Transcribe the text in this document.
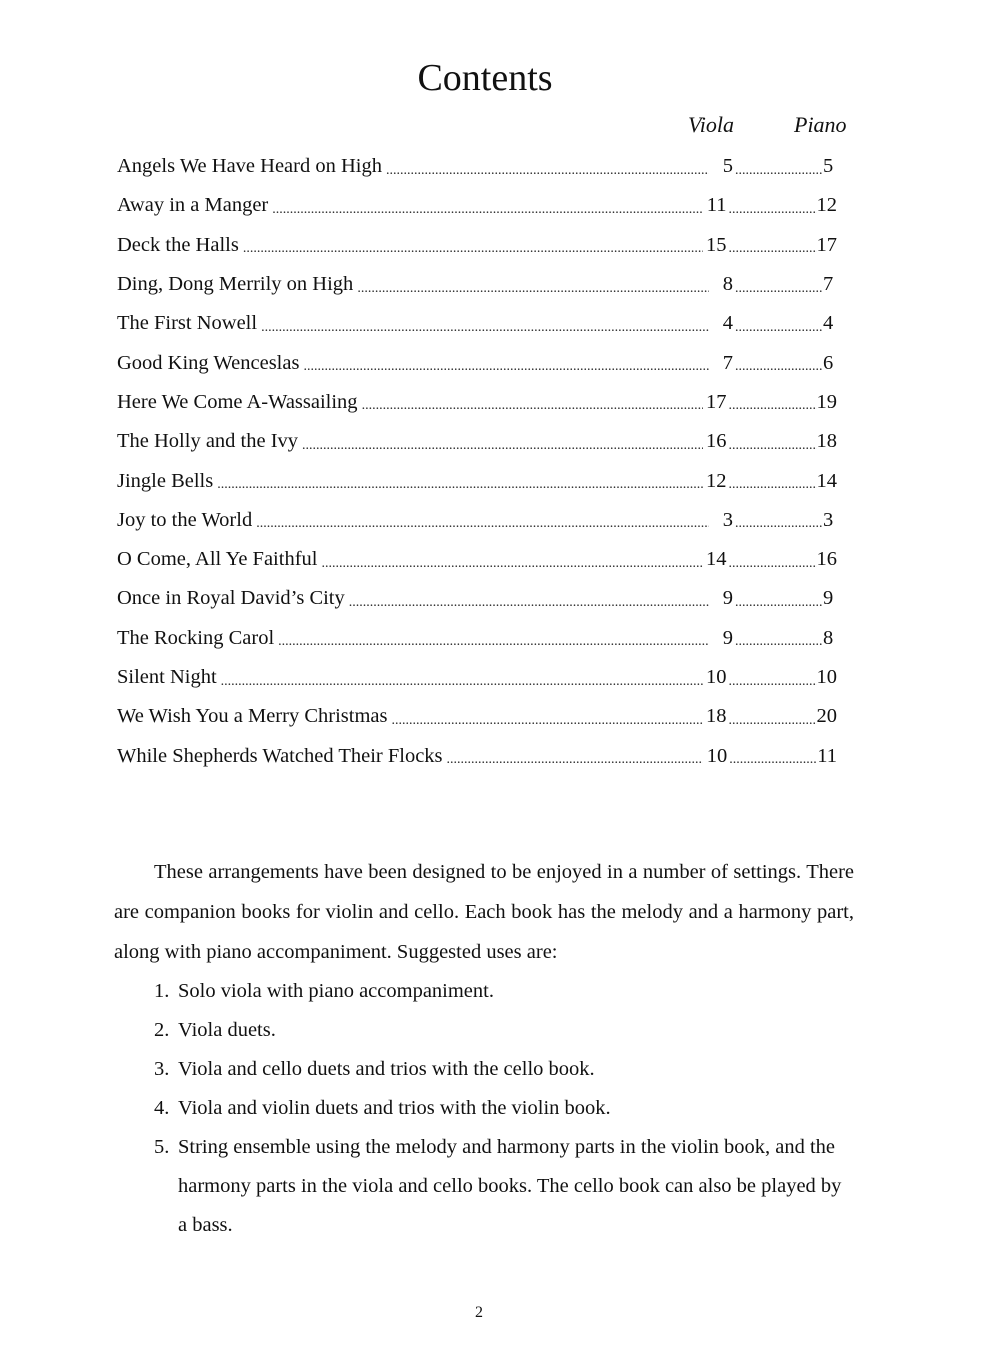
Contents
Viola	Piano
Angels We Have Heard on High .....	5 .....	5
Away in a Manger .....	11 .....	12
Deck the Halls .....	15 .....	17
Ding, Dong Merrily on High .....	8 .....	7
The First Nowell .....	4 .....	4
Good King Wenceslas .....	7 .....	6
Here We Come A-Wassailing .....	17 .....	19
The Holly and the Ivy .....	16 .....	18
Jingle Bells .....	12 .....	14
Joy to the World .....	3 .....	3
O Come, All Ye Faithful .....	14 .....	16
Once in Royal David’s City .....	9 .....	9
The Rocking Carol .....	9 .....	8
Silent Night .....	10 .....	10
We Wish You a Merry Christmas .....	18 .....	20
While Shepherds Watched Their Flocks .....	10 .....	11

These arrangements have been designed to be enjoyed in a number of settings. There are companion books for violin and cello. Each book has the melody and a harmony part, along with piano accompaniment. Suggested uses are:

1. Solo viola with piano accompaniment.
2. Viola duets.
3. Viola and cello duets and trios with the cello book.
4. Viola and violin duets and trios with the violin book.
5. String ensemble using the melody and harmony parts in the violin book, and the harmony parts in the viola and cello books. The cello book can also be played by a bass.
2
